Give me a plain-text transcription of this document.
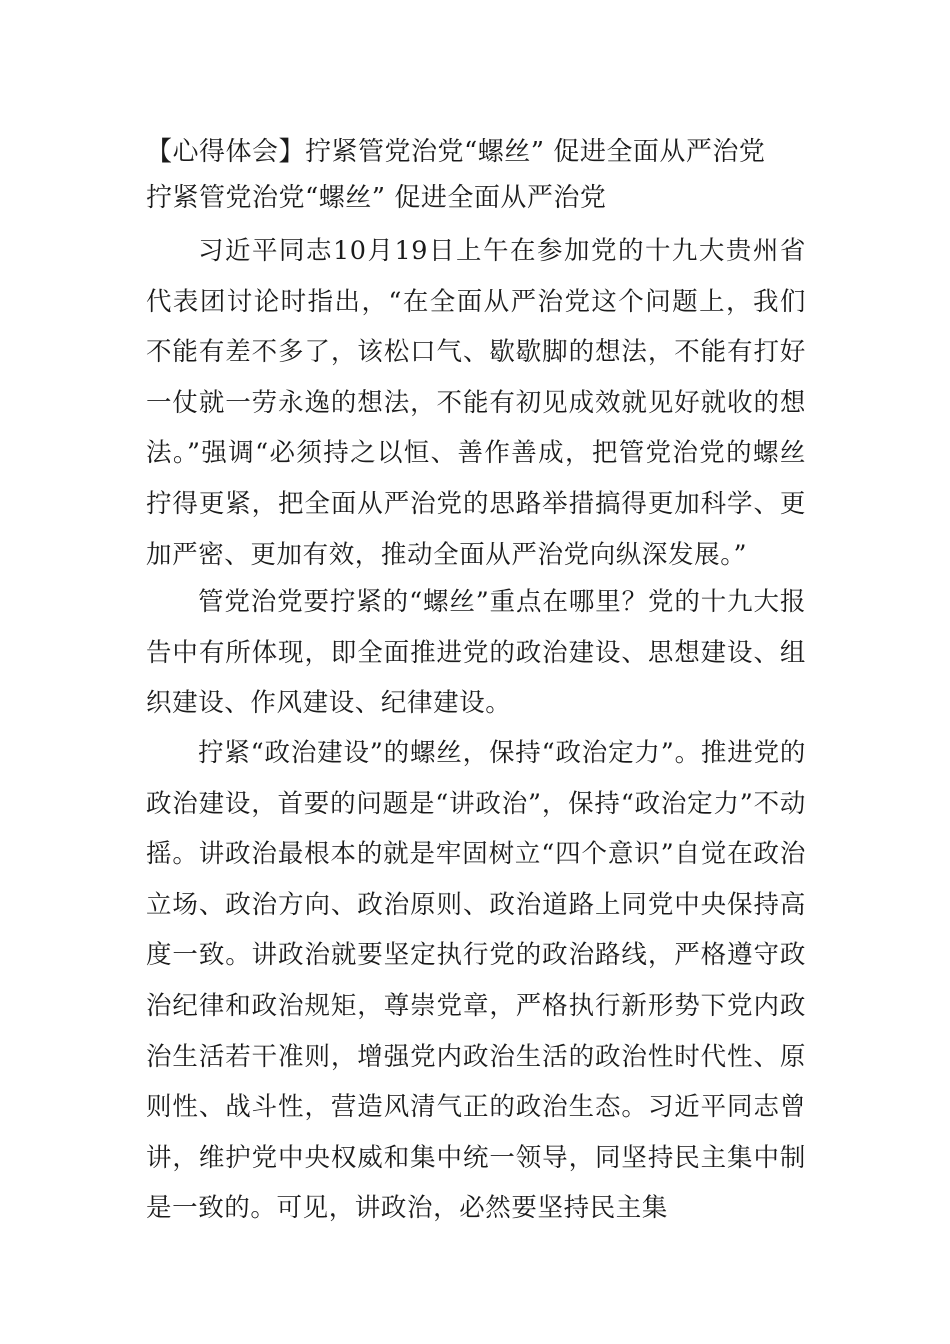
【心得体会】拧紧管党治党“螺丝” 促进全面从严治党
拧紧管党治党“螺丝” 促进全面从严治党

习近平同志10月19日上午在参加党的十九大贵州省代表团讨论时指出，“在全面从严治党这个问题上，我们不能有差不多了，该松口气、歇歇脚的想法，不能有打好一仗就一劳永逸的想法，不能有初见成效就见好就收的想法。”强调“必须持之以恒、善作善成，把管党治党的螺丝拧得更紧，把全面从严治党的思路举措搞得更加科学、更加严密、更加有效，推动全面从严治党向纵深发展。”

管党治党要拧紧的“螺丝”重点在哪里？党的十九大报告中有所体现，即全面推进党的政治建设、思想建设、组织建设、作风建设、纪律建设。

拧紧“政治建设”的螺丝，保持“政治定力”。推进党的政治建设，首要的问题是“讲政治”，保持“政治定力”不动摇。讲政治最根本的就是牢固树立“四个意识”自觉在政治立场、政治方向、政治原则、政治道路上同党中央保持高度一致。讲政治就要坚定执行党的政治路线，严格遵守政治纪律和政治规矩，尊崇党章，严格执行新形势下党内政治生活若干准则，增强党内政治生活的政治性时代性、原则性、战斗性，营造风清气正的政治生态。习近平同志曾讲，维护党中央权威和集中统一领导，同坚持民主集中制是一致的。可见，讲政治，必然要坚持民主集
